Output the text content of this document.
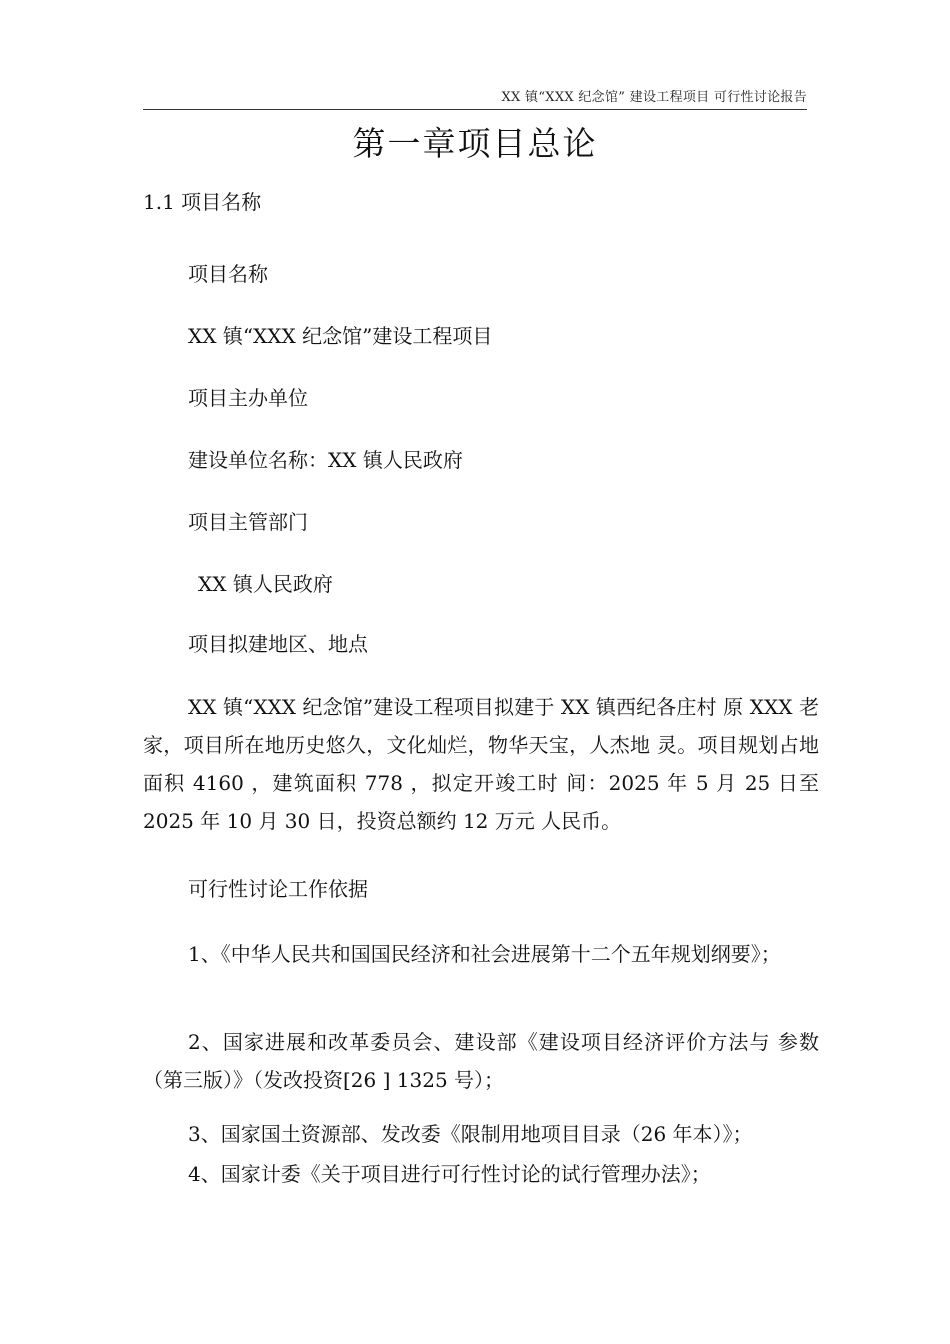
XX 镇“XXX 纪念馆” 建设工程项目 可行性讨论报告
第一章项目总论

1.1 项目名称

项目名称

XX 镇“XXX 纪念馆”建设工程项目

项目主办单位

建设单位名称：XX 镇人民政府

项目主管部门

XX 镇人民政府

项目拟建地区、地点

XX 镇“XXX 纪念馆”建设工程项目拟建于 XX 镇西纪各庄村 原 XXX 老家，项目所在地历史悠久，文化灿烂，物华天宝，人杰地 灵。项目规划占地面积 4160 ，建筑面积 778 ，拟定开竣工时 间：2025 年 5 月 25 日至 2025 年 10 月 30 日，投资总额约 12 万元 人民币。

可行性讨论工作依据

1、《中华人民共和国国民经济和社会进展第十二个五年规划纲要》；

2、国家进展和改革委员会、建设部《建设项目经济评价方法与 参数（第三版）》（发改投资[26 ] 1325 号）；

3、国家国土资源部、发改委《限制用地项目目录（26 年本）》；

4、国家计委《关于项目进行可行性讨论的试行管理办法》；
